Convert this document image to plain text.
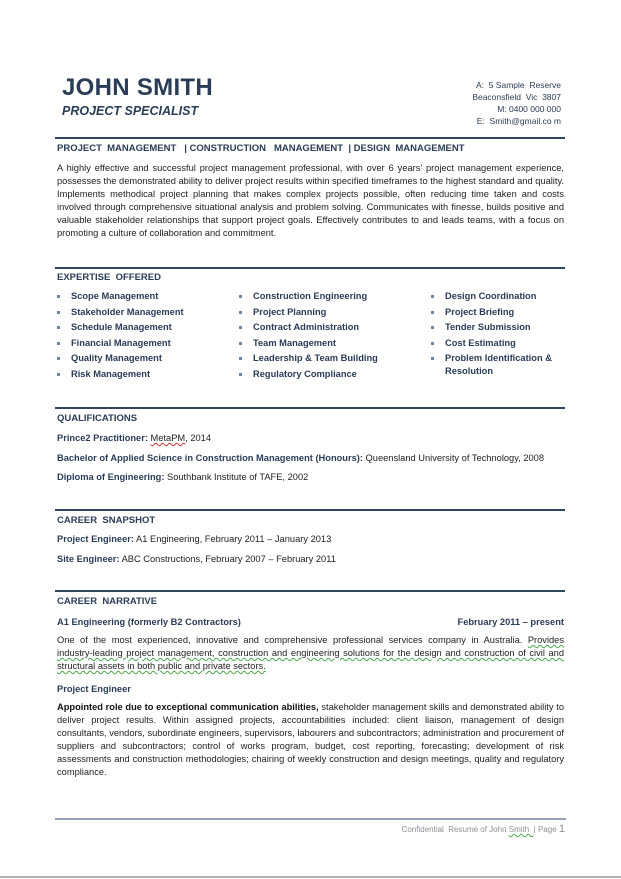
JOHN SMITH
PROJECT SPECIALIST
A:  5 Sample  Reserve
Beaconsfield  Vic  3807
M: 0400 000 000
E:  Smith@gmail.co m
PROJECT  MANAGEMENT   | CONSTRUCTION   MANAGEMENT  | DESIGN  MANAGEMENT
A highly effective and successful project management professional, with over 6 years’ project management experience, possesses the demonstrated ability to deliver project results within specified timeframes to the highest standard and quality. Implements methodical project planning that makes complex projects possible, often reducing time taken and costs involved through comprehensive situational analysis and problem solving. Communicates with finesse, builds positive and valuable stakeholder relationships that support project goals. Effectively contributes to and leads teams, with a focus on promoting a culture of collaboration and commitment.
EXPERTISE  OFFERED
Scope Management
Stakeholder Management
Schedule Management
Financial Management
Quality Management
Risk Management
Construction Engineering
Project Planning
Contract Administration
Team Management
Leadership & Team Building
Regulatory Compliance
Design Coordination
Project Briefing
Tender Submission
Cost Estimating
Problem Identification & Resolution
QUALIFICATIONS
Prince2 Practitioner: MetaPM, 2014
Bachelor of Applied Science in Construction Management (Honours): Queensland University of Technology, 2008
Diploma of Engineering: Southbank Institute of TAFE, 2002
CAREER  SNAPSHOT
Project Engineer: A1 Engineering, February 2011 – January 2013
Site Engineer: ABC Constructions, February 2007 – February 2011
CAREER  NARRATIVE
A1 Engineering (formerly B2 Contractors)	February 2011 – present
One of the most experienced, innovative and comprehensive professional services company in Australia. Provides industry-leading project management, construction and engineering solutions for the design and construction of civil and structural assets in both public and private sectors.
Project Engineer
Appointed role due to exceptional communication abilities, stakeholder management skills and demonstrated ability to deliver project results. Within assigned projects, accountabilities included: client liaison, management of design consultants, vendors, subordinate engineers, supervisors, labourers and subcontractors; administration and procurement of suppliers and subcontractors; control of works program, budget, cost reporting, forecasting; development of risk assessments and construction methodologies; chairing of weekly construction and design meetings, quality and regulatory compliance.
Confidential  Resume of John Smith  | Page 1
